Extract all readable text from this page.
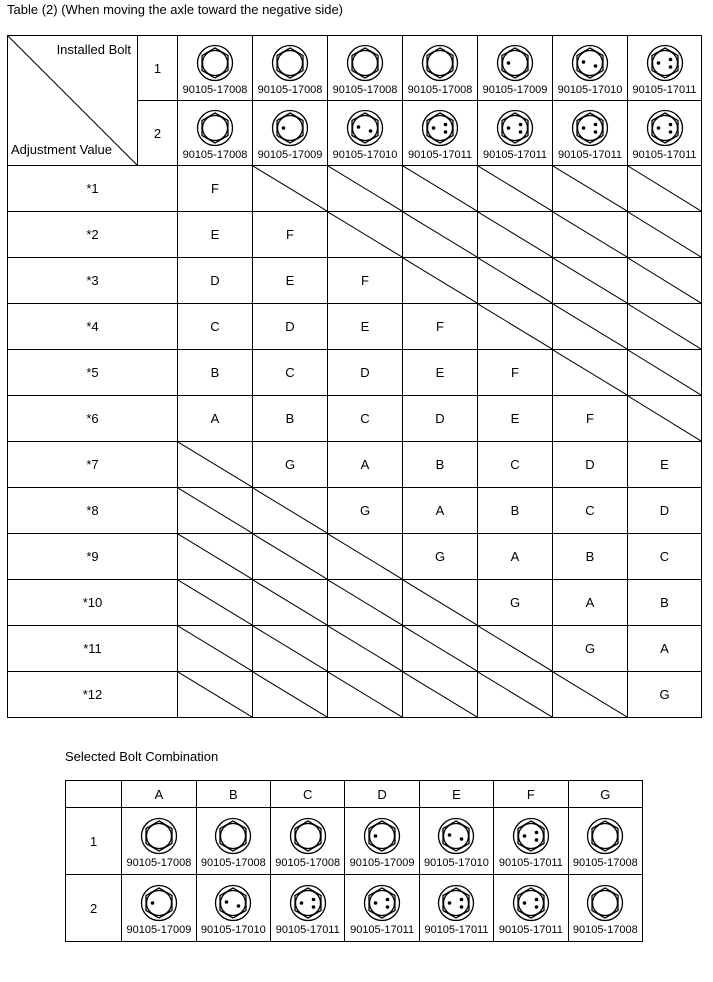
Table (2) (When moving the axle toward the negative side)
Installed Bolt
Adjustment Value	1	90105-17008	90105-17008	90105-17008	90105-17008	90105-17009	90105-17010	90105-17011

	2	90105-17008	90105-17009	90105-17010	90105-17011	90105-17011	90105-17011	90105-17011

*1		F	

*2		E	F	

*3		D	E	F	

*4		C	D	E	F	

*5		B	C	D	E	F	

*6		A	B	C	D	E	F	

*7			G	A	B	C	D	E
*8				G	A	B	C	D
*9					G	A	B	C
*10						G	A	B
*11							G	A
*12								G
Selected Bolt Combination
	A	B	C	D	E	F	G
1	90105-17008	90105-17008	90105-17008	90105-17009	90105-17010	90105-17011	90105-17008

2	90105-17009	90105-17010	90105-17011	90105-17011	90105-17011	90105-17011	90105-17008
